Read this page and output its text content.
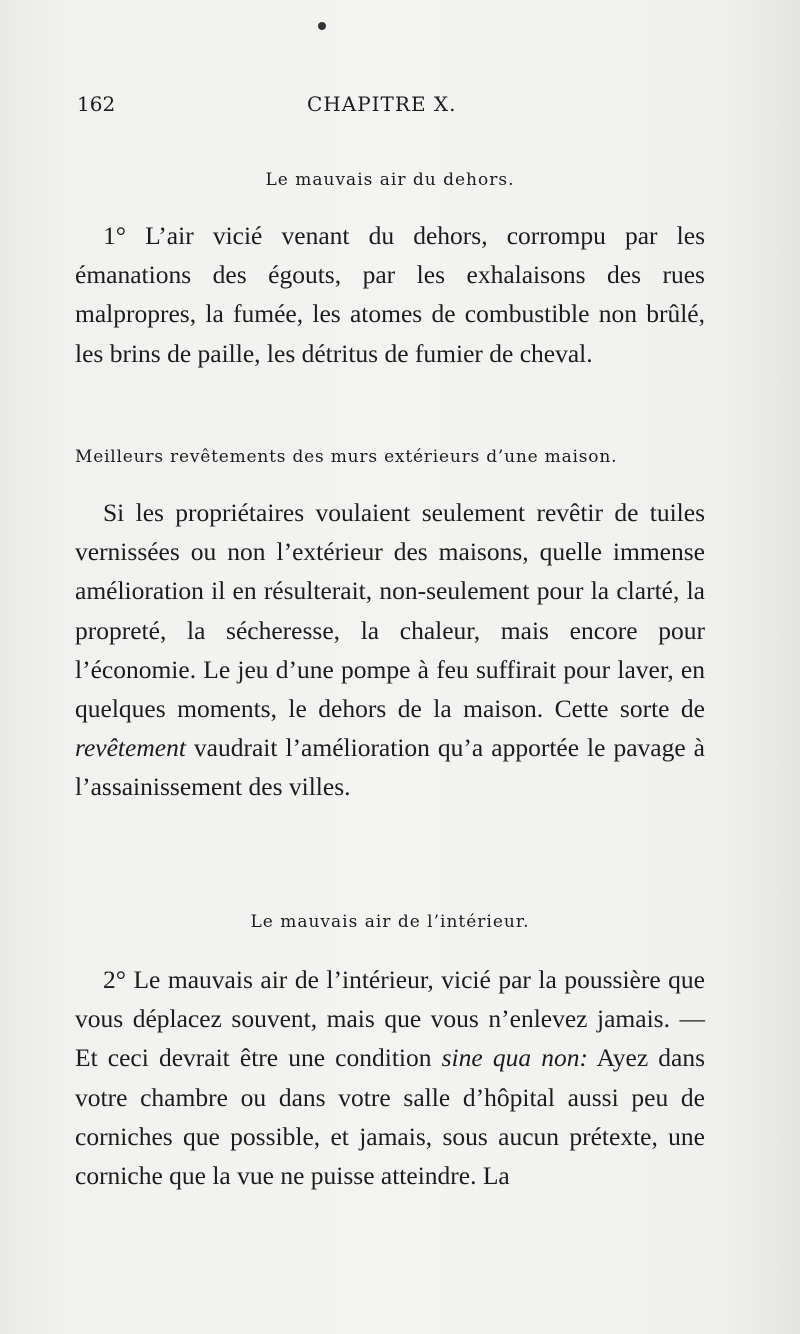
162	CHAPITRE X.
Le mauvais air du dehors.
1° L’air vicié venant du dehors, corrompu par les émanations des égouts, par les exhalaisons des rues malpropres, la fumée, les atomes de combustible non brûlé, les brins de paille, les détritus de fumier de cheval.
Meilleurs revêtements des murs extérieurs d’une maison.
Si les propriétaires voulaient seulement revêtir de tuiles vernissées ou non l’extérieur des maisons, quelle immense amélioration il en résulterait, non-seulement pour la clarté, la propreté, la sécheresse, la chaleur, mais encore pour l’économie. Le jeu d’une pompe à feu suffirait pour laver, en quelques moments, le dehors de la maison. Cette sorte de revêtement vaudrait l’amélioration qu’a apportée le pavage à l’assainissement des villes.
Le mauvais air de l’intérieur.
2° Le mauvais air de l’intérieur, vicié par la poussière que vous déplacez souvent, mais que vous n’enlevez jamais. — Et ceci devrait être une condition sine qua non: Ayez dans votre chambre ou dans votre salle d’hôpital aussi peu de corniches que possible, et jamais, sous aucun prétexte, une corniche que la vue ne puisse atteindre. La
